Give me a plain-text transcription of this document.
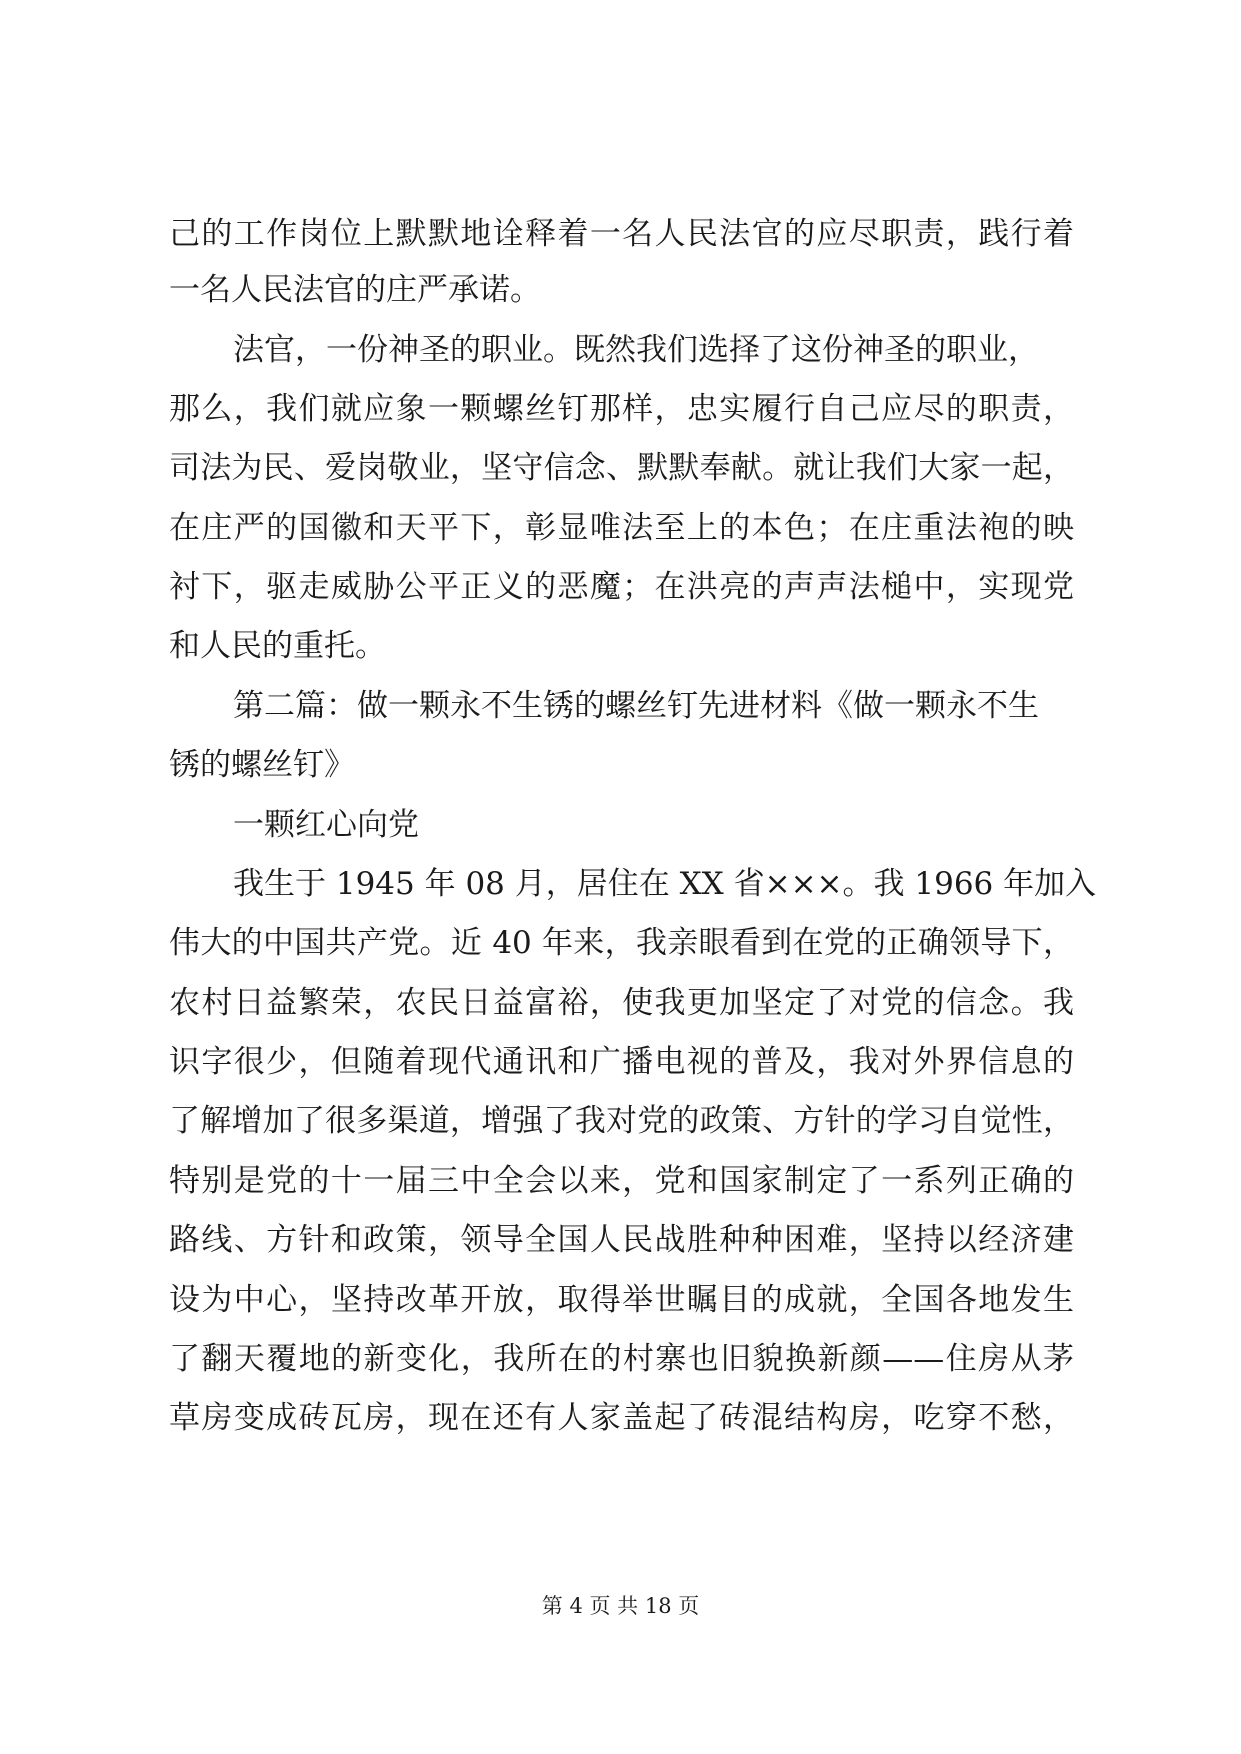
己的工作岗位上默默地诠释着一名人民法官的应尽职责，践行着
一名人民法官的庄严承诺。
法官，一份神圣的职业。既然我们选择了这份神圣的职业，
那么，我们就应象一颗螺丝钉那样，忠实履行自己应尽的职责，
司法为民、爱岗敬业，坚守信念、默默奉献。就让我们大家一起，
在庄严的国徽和天平下，彰显唯法至上的本色；在庄重法袍的映
衬下，驱走威胁公平正义的恶魔；在洪亮的声声法槌中，实现党
和人民的重托。
第二篇：做一颗永不生锈的螺丝钉先进材料《做一颗永不生
锈的螺丝钉》
一颗红心向党
我生于 1945 年 08 月，居住在 XX 省×××。我 1966 年加入
伟大的中国共产党。近 40 年来，我亲眼看到在党的正确领导下，
农村日益繁荣，农民日益富裕，使我更加坚定了对党的信念。我
识字很少，但随着现代通讯和广播电视的普及，我对外界信息的
了解增加了很多渠道，增强了我对党的政策、方针的学习自觉性，
特别是党的十一届三中全会以来，党和国家制定了一系列正确的
路线、方针和政策，领导全国人民战胜种种困难，坚持以经济建
设为中心，坚持改革开放，取得举世瞩目的成就，全国各地发生
了翻天覆地的新变化，我所在的村寨也旧貌换新颜——住房从茅
草房变成砖瓦房，现在还有人家盖起了砖混结构房，吃穿不愁，
第 4 页 共 18 页
